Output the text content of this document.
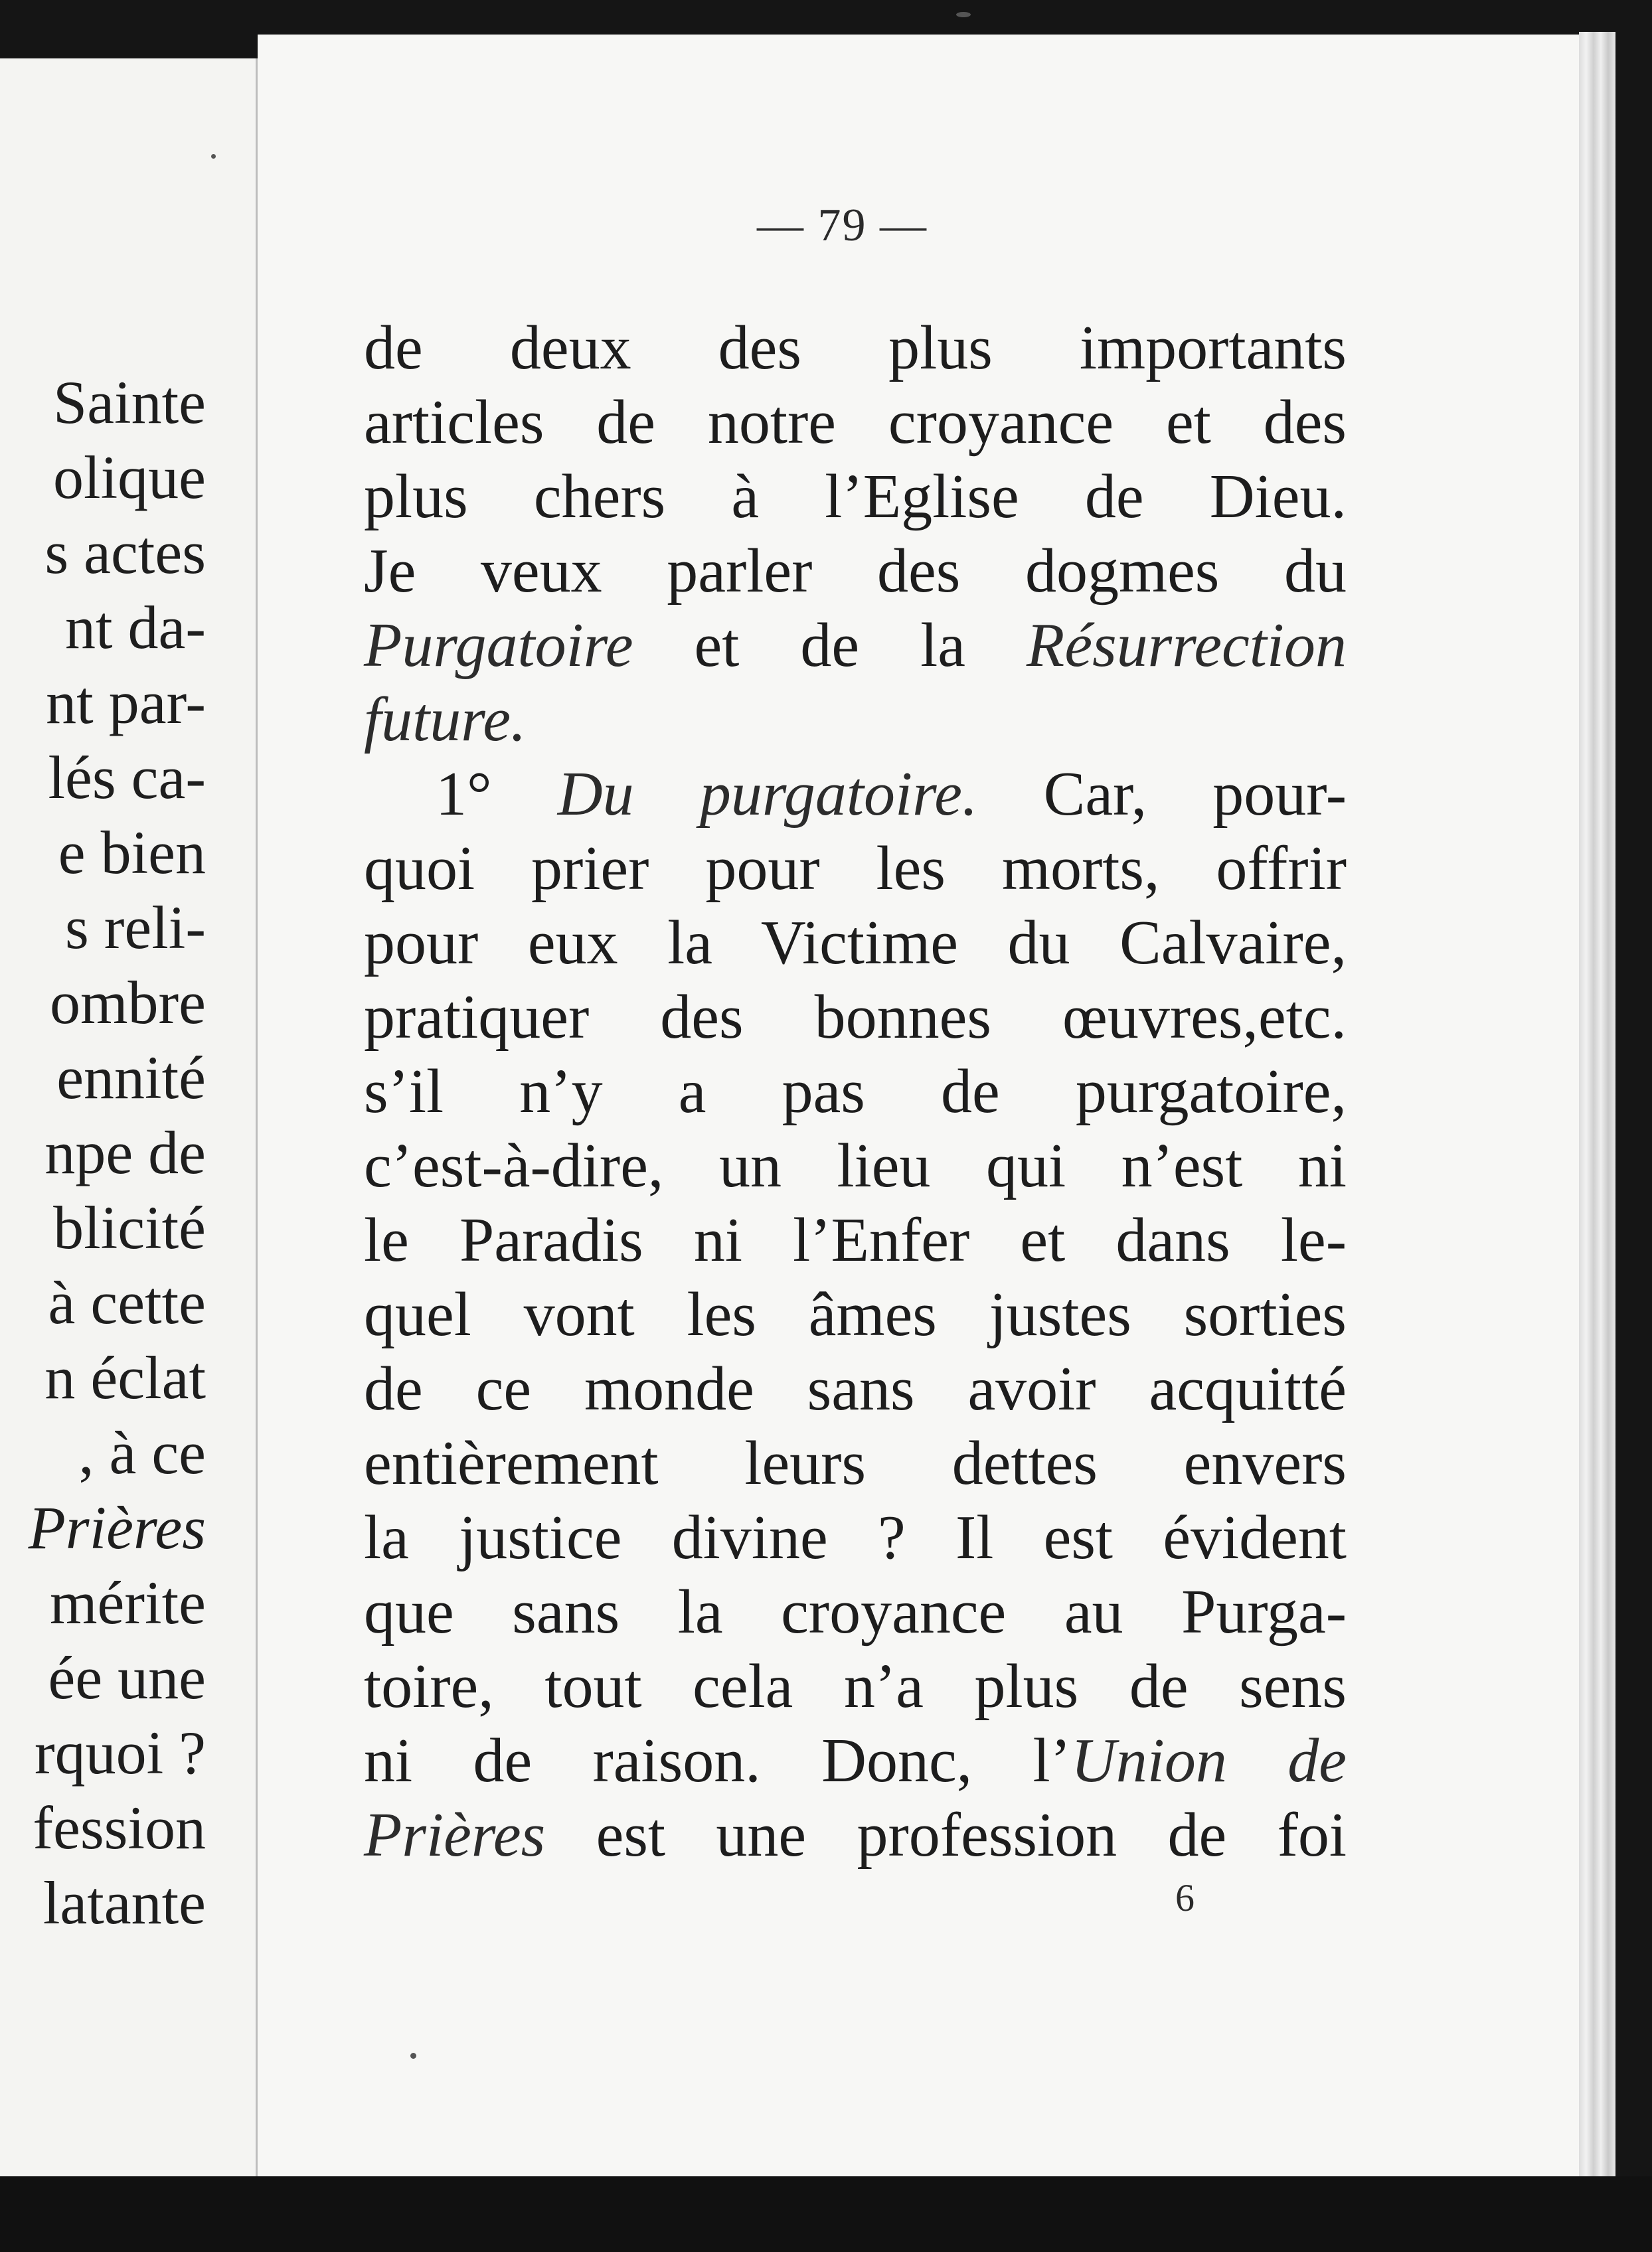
Sainte
olique
s actes
nt da-
nt par-
lés ca-
e bien
s reli-
ombre
ennité
npe de
blicité
à cette
n éclat
, à ce
Prières
mérite
ée une
rquoi ?
fession
latante
— 79 —
de deux des plus importants
articles de notre croyance et des
plus chers à l’Eglise de Dieu.
Je veux parler des dogmes du
Purgatoire et de la Résurrection
future.
1° Du purgatoire. Car, pour-
quoi prier pour les morts, offrir
pour eux la Victime du Calvaire,
pratiquer des bonnes œuvres,etc.
s’il n’y a pas de purgatoire,
c’est-à-dire, un lieu qui n’est ni
le Paradis ni l’Enfer et dans le-
quel vont les âmes justes sorties
de ce monde sans avoir acquitté
entièrement leurs dettes envers
la justice divine ? Il est évident
que sans la croyance au Purga-
toire, tout cela n’a plus de sens
ni de raison. Donc, l’Union de
Prières est une profession de foi
6
